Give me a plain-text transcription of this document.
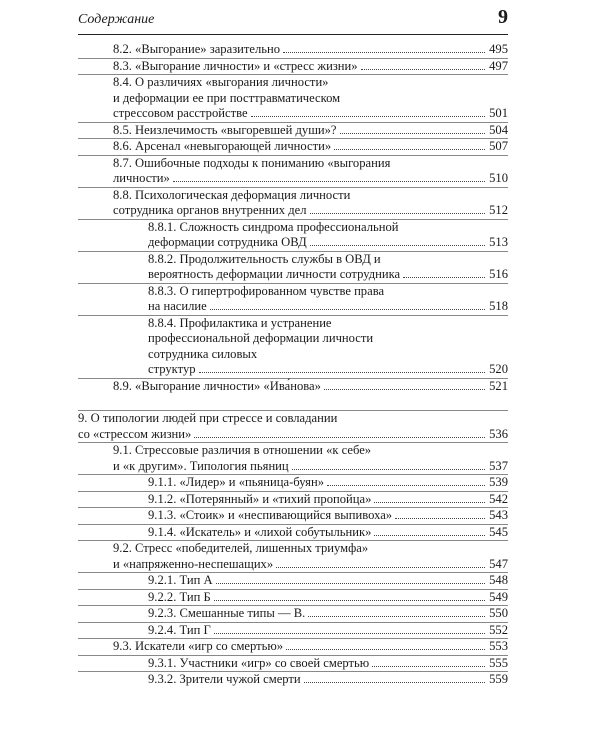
Содержание	9
8.2. «Выгорание» заразительно	495
8.3. «Выгорание личности» и «стресс жизни»	497
8.4. О различиях «выгорания личности»
и деформации ее при посттравматическом
стрессовом расстройстве	501
8.5. Неизлечимость «выгоревшей души»?	504
8.6. Арсенал «невыгорающей личности»	507
8.7. Ошибочные подходы к пониманию «выгорания
личности»	510
8.8. Психологическая деформация личности
сотрудника органов внутренних дел	512
8.8.1. Сложность синдрома профессиональной
деформации сотрудника ОВД	513
8.8.2. Продолжительность службы в ОВД и
вероятность деформации личности сотрудника	516
8.8.3. О гипертрофированном чувстве права
на насилие	518
8.8.4. Профилактика и устранение
профессиональной деформации личности
сотрудника силовых
структур	520
8.9. «Выгорание личности» «Ива́нова»	521
9. О типологии людей при стрессе и совладании
со «стрессом жизни»	536
9.1. Стрессовые различия в отношении «к себе»
и «к другим». Типология пьяниц	537
9.1.1. «Лидер» и «пьяница-буян»	539
9.1.2. «Потерянный» и «тихий пропойца»	542
9.1.3. «Стоик» и «неспивающийся выпивоха»	543
9.1.4. «Искатель» и «лихой собутыльник»	545
9.2. Стресс «победителей, лишенных триумфа»
и «напряженно-неспешащих»	547
9.2.1. Тип А	548
9.2.2. Тип Б	549
9.2.3. Смешанные типы — В.	550
9.2.4. Тип Г	552
9.3. Искатели «игр со смертью»	553
9.3.1. Участники «игр» со своей смертью	555
9.3.2. Зрители чужой смерти	559
